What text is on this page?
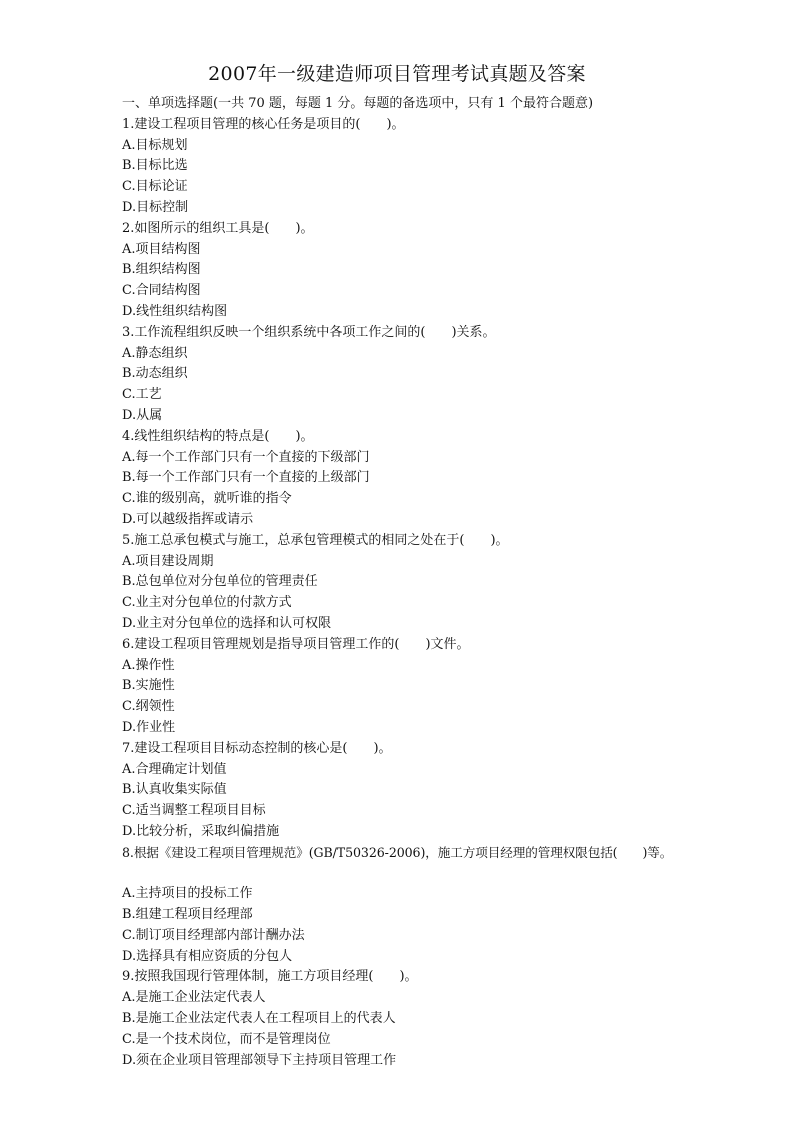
2007年一级建造师项目管理考试真题及答案
一、单项选择题(一共 70 题，每题 1 分。每题的备选项中，只有 1 个最符合题意)
1.建设工程项目管理的核心任务是项目的(　　)。
A.目标规划
B.目标比选
C.目标论证
D.目标控制
2.如图所示的组织工具是(　　)。
A.项目结构图
B.组织结构图
C.合同结构图
D.线性组织结构图
3.工作流程组织反映一个组织系统中各项工作之间的(　　)关系。
A.静态组织
B.动态组织
C.工艺
D.从属
4.线性组织结构的特点是(　　)。
A.每一个工作部门只有一个直接的下级部门
B.每一个工作部门只有一个直接的上级部门
C.谁的级别高，就听谁的指令
D.可以越级指挥或请示
5.施工总承包模式与施工，总承包管理模式的相同之处在于(　　)。
A.项目建设周期
B.总包单位对分包单位的管理责任
C.业主对分包单位的付款方式
D.业主对分包单位的选择和认可权限
6.建设工程项目管理规划是指导项目管理工作的(　　)文件。
A.操作性
B.实施性
C.纲领性
D.作业性
7.建设工程项目目标动态控制的核心是(　　)。
A.合理确定计划值
B.认真收集实际值
C.适当调整工程项目目标
D.比较分析，采取纠偏措施
8.根据《建设工程项目管理规范》(GB/T50326-2006)，施工方项目经理的管理权限包括(　　)等。
A.主持项目的投标工作
B.组建工程项目经理部
C.制订项目经理部内部计酬办法
D.选择具有相应资质的分包人
9.按照我国现行管理体制，施工方项目经理(　　)。
A.是施工企业法定代表人
B.是施工企业法定代表人在工程项目上的代表人
C.是一个技术岗位，而不是管理岗位
D.须在企业项目管理部领导下主持项目管理工作
